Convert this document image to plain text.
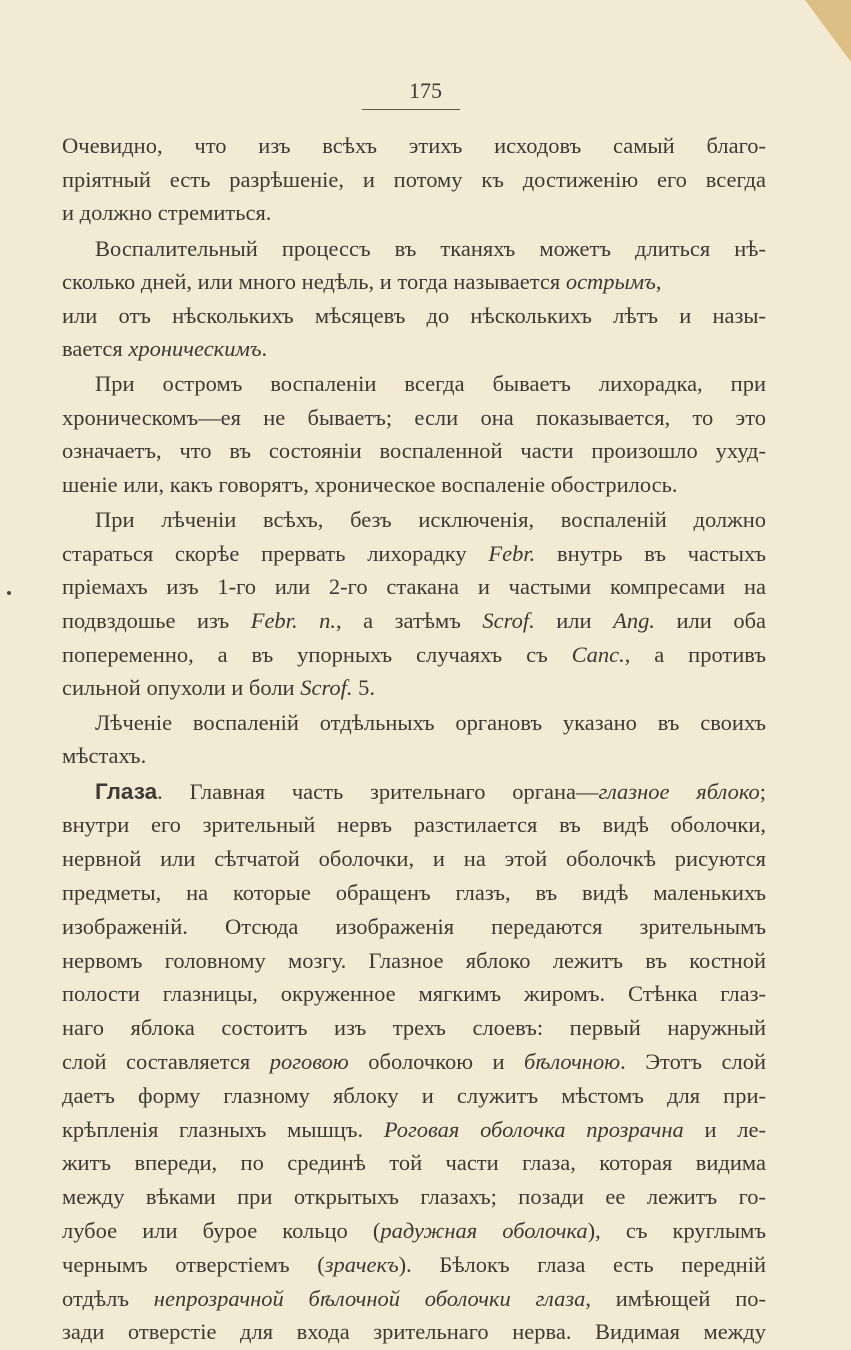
175
Очевидно, что изъ всѣхъ этихъ исходовъ самый благо-
пріятный есть разрѣшеніе, и потому къ достиженію его всегда
и должно стремиться.
Воспалительный процессъ въ тканяхъ можетъ длиться нѣ-
сколько дней, или много недѣль, и тогда называется острымъ,
или отъ нѣсколькихъ мѣсяцевъ до нѣсколькихъ лѣтъ и назы-
вается хроническимъ.
При остромъ воспаленіи всегда бываетъ лихорадка, при
хроническомъ—ея не бываетъ; если она показывается, то это
означаетъ, что въ состояніи воспаленной части произошло ухуд-
шеніе или, какъ говорятъ, хроническое воспаленіе обострилось.
При лѣченіи всѣхъ, безъ исключенія, воспаленій должно
стараться скорѣе прервать лихорадку Febr. внутрь въ частыхъ
пріемахъ изъ 1-го или 2-го стакана и частыми компресами на
подвздошье изъ Febr. n., а затѣмъ Scrof. или Ang. или оба
попеременно, а въ упорныхъ случаяхъ съ Canc., а противъ
сильной опухоли и боли Scrof. 5.
Лѣченіе воспаленій отдѣльныхъ органовъ указано въ своихъ
мѣстахъ.
Глаза. Главная часть зрительнаго органа—глазное яблоко;
внутри его зрительный нервъ разстилается въ видѣ оболочки,
нервной или сѣтчатой оболочки, и на этой оболочкѣ рисуются
предметы, на которые обращенъ глазъ, въ видѣ маленькихъ
изображеній. Отсюда изображенія передаются зрительнымъ
нервомъ головному мозгу. Глазное яблоко лежитъ въ костной
полости глазницы, окруженное мягкимъ жиромъ. Стѣнка глаз-
наго яблока состоитъ изъ трехъ слоевъ: первый наружный
слой составляется роговою оболочкою и бѣлочною. Этотъ слой
даетъ форму глазному яблоку и служитъ мѣстомъ для при-
крѣпленія глазныхъ мышцъ. Роговая оболочка прозрачна и ле-
житъ впереди, по срединѣ той части глаза, которая видима
между вѣками при открытыхъ глазахъ; позади ее лежитъ го-
лубое или бурое кольцо (радужная оболочка), съ круглымъ
чернымъ отверстіемъ (зрачекъ). Бѣлокъ глаза есть передній
отдѣлъ непрозрачной бѣлочной оболочки глаза, имѣющей по-
зади отверстіе для входа зрительнаго нерва. Видимая между
